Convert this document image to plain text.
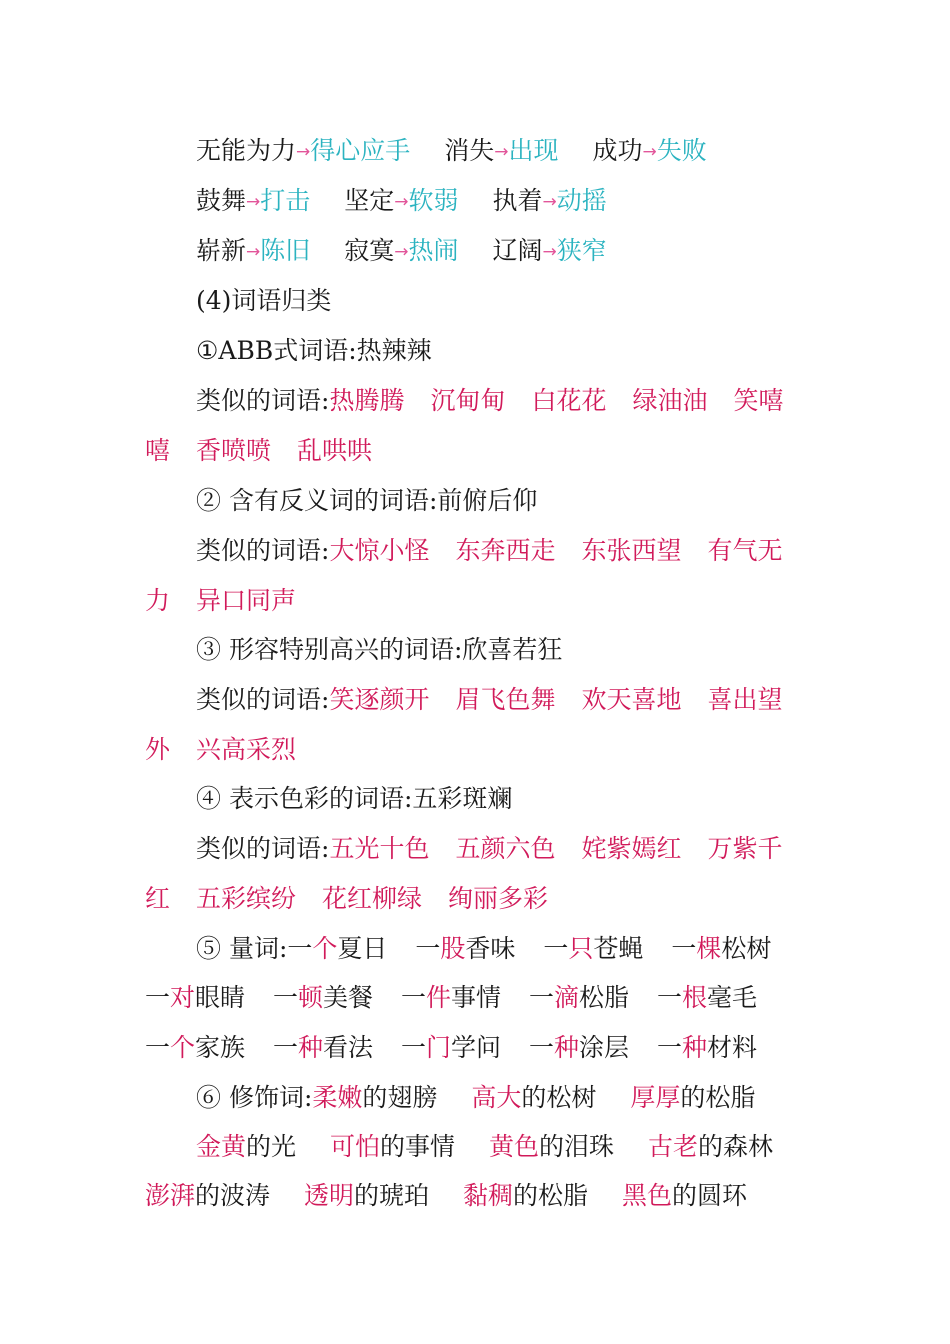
无能为力→得心应手 消失→出现 成功→失败
鼓舞→打击 坚定→软弱 执着→动摇
崭新→陈旧 寂寞→热闹 辽阔→狭窄
(4)词语归类
①ABB式词语:热辣辣
类似的词语:热腾腾 沉甸甸 白花花 绿油油 笑嘻
嘻 香喷喷 乱哄哄
② 含有反义词的词语:前俯后仰
类似的词语:大惊小怪 东奔西走 东张西望 有气无
力 异口同声
③ 形容特别高兴的词语:欣喜若狂
类似的词语:笑逐颜开 眉飞色舞 欢天喜地 喜出望
外 兴高采烈
④ 表示色彩的词语:五彩斑斓
类似的词语:五光十色 五颜六色 姹紫嫣红 万紫千
红 五彩缤纷 花红柳绿 绚丽多彩
⑤ 量词:一个夏日 一股香味 一只苍蝇 一棵松树
一对眼睛 一顿美餐 一件事情 一滴松脂 一根毫毛
一个家族 一种看法 一门学问 一种涂层 一种材料
⑥ 修饰词:柔嫩的翅膀 高大的松树 厚厚的松脂
金黄的光 可怕的事情 黄色的泪珠 古老的森林
澎湃的波涛 透明的琥珀 黏稠的松脂 黑色的圆环
